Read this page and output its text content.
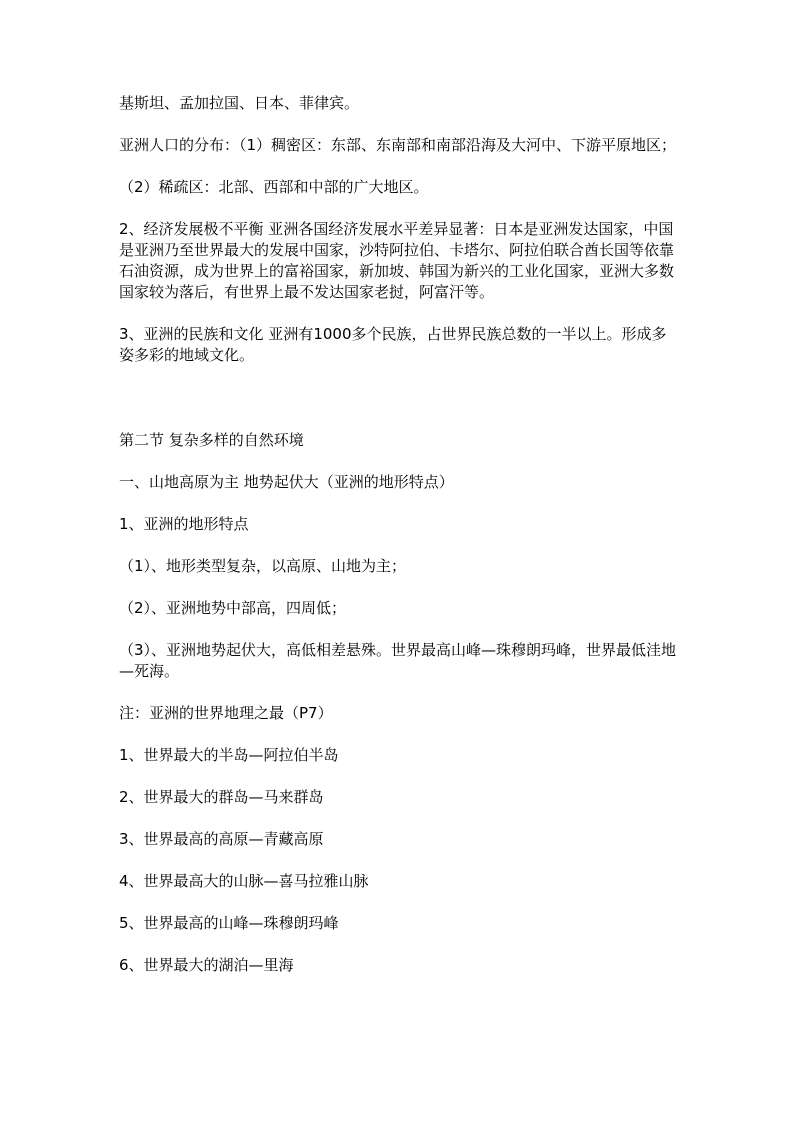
基斯坦、孟加拉国、日本、菲律宾。

亚洲人口的分布：（1）稠密区：东部、东南部和南部沿海及大河中、下游平原地区；

（2）稀疏区：北部、西部和中部的广大地区。

2、经济发展极不平衡 亚洲各国经济发展水平差异显著：日本是亚洲发达国家，中国是亚洲乃至世界最大的发展中国家，沙特阿拉伯、卡塔尔、阿拉伯联合酋长国等依靠石油资源，成为世界上的富裕国家，新加坡、韩国为新兴的工业化国家，亚洲大多数国家较为落后，有世界上最不发达国家老挝，阿富汗等。

3、亚洲的民族和文化 亚洲有1000多个民族，占世界民族总数的一半以上。形成多姿多彩的地域文化。

第二节 复杂多样的自然环境

一、山地高原为主 地势起伏大（亚洲的地形特点）

1、亚洲的地形特点

（1）、地形类型复杂，以高原、山地为主；

（2）、亚洲地势中部高，四周低；

（3）、亚洲地势起伏大，高低相差悬殊。世界最高山峰—珠穆朗玛峰，世界最低洼地—死海。

注：亚洲的世界地理之最（P7）

1、世界最大的半岛—阿拉伯半岛

2、世界最大的群岛—马来群岛

3、世界最高的高原—青藏高原

4、世界最高大的山脉—喜马拉雅山脉

5、世界最高的山峰—珠穆朗玛峰

6、世界最大的湖泊—里海
